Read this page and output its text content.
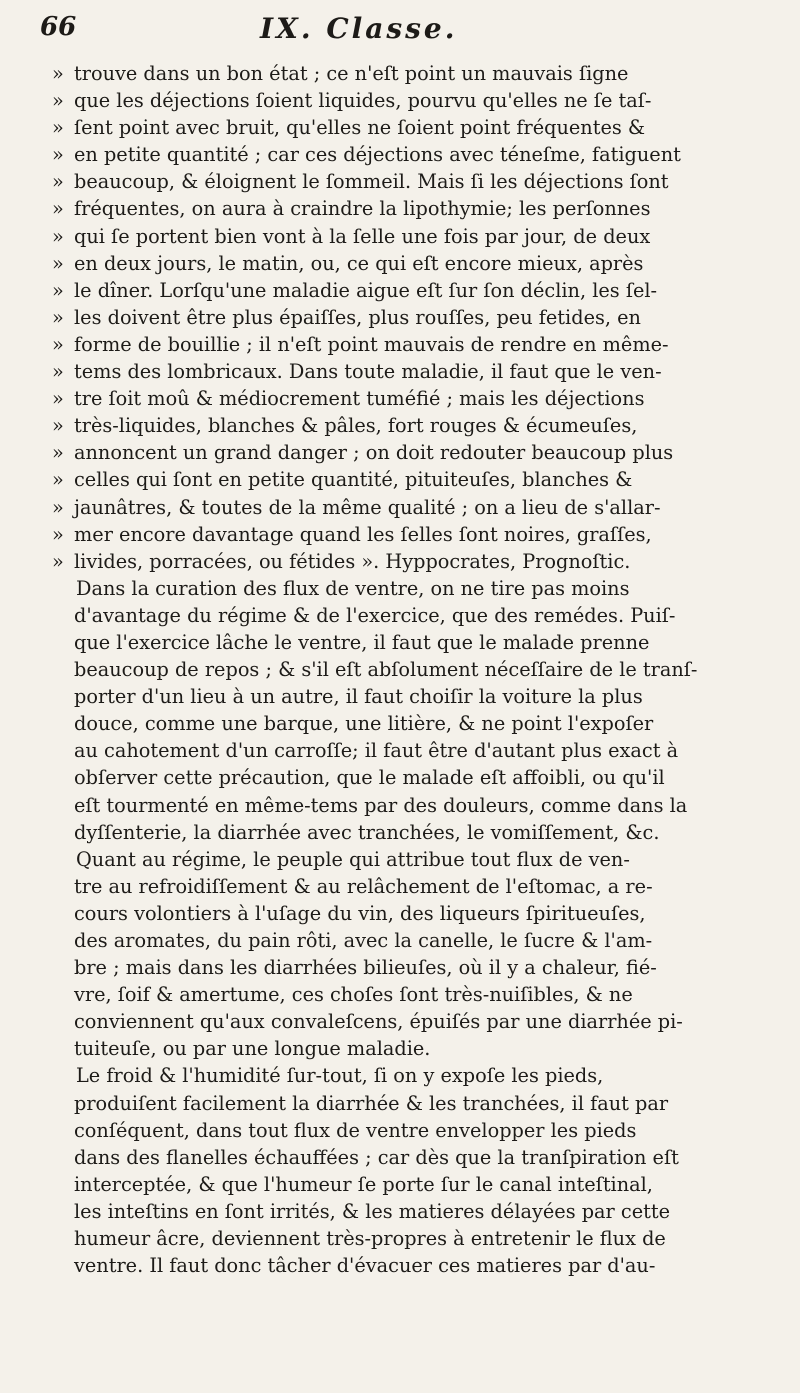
66	IX. Classe.
» trouve dans un bon état ; ce n'eſt point un mauvais ſigne
» que les déjections ſoient liquides, pourvu qu'elles ne ſe taſ-
» ſent point avec bruit, qu'elles ne ſoient point fréquentes &
» en petite quantité ; car ces déjections avec téneſme, fatiguent
» beaucoup, & éloignent le ſommeil. Mais ſi les déjections ſont
» fréquentes, on aura à craindre la lipothymie; les perſonnes
» qui ſe portent bien vont à la ſelle une fois par jour, de deux
» en deux jours, le matin, ou, ce qui eſt encore mieux, après
» le dîner. Lorſqu'une maladie aigue eſt ſur ſon déclin, les ſel-
» les doivent être plus épaiſſes, plus rouſſes, peu fetides, en
» forme de bouillie ; il n'eſt point mauvais de rendre en même-
» tems des lombricaux. Dans toute maladie, il faut que le ven-
» tre ſoit moû & médiocrement tuméfié ; mais les déjections
» très-liquides, blanches & pâles, fort rouges & écumeuſes,
» annoncent un grand danger ; on doit redouter beaucoup plus
» celles qui ſont en petite quantité, pituiteuſes, blanches &
» jaunâtres, & toutes de la même qualité ; on a lieu de s'allar-
» mer encore davantage quand les ſelles ſont noires, graſſes,
» livides, porracées, ou fétides ». Hyppocrates, Prognoſtic.
Dans la curation des flux de ventre, on ne tire pas moins
d'avantage du régime & de l'exercice, que des remédes. Puiſ-
que l'exercice lâche le ventre, il faut que le malade prenne
beaucoup de repos ; & s'il eſt abſolument néceſſaire de le tranſ-
porter d'un lieu à un autre, il faut choiſir la voiture la plus
douce, comme une barque, une litière, & ne point l'expoſer
au cahotement d'un carroſſe; il faut être d'autant plus exact à
obſerver cette précaution, que le malade eſt affoibli, ou qu'il
eſt tourmenté en même-tems par des douleurs, comme dans la
dyſſenterie, la diarrhée avec tranchées, le vomiſſement, &c.
Quant au régime, le peuple qui attribue tout flux de ven-
tre au refroidiſſement & au relâchement de l'eſtomac, a re-
cours volontiers à l'uſage du vin, des liqueurs ſpiritueuſes,
des aromates, du pain rôti, avec la canelle, le ſucre & l'am-
bre ; mais dans les diarrhées bilieuſes, où il y a chaleur, fié-
vre, ſoif & amertume, ces choſes ſont très-nuiſibles, & ne
conviennent qu'aux convaleſcens, épuiſés par une diarrhée pi-
tuiteuſe, ou par une longue maladie.
Le froid & l'humidité ſur-tout, ſi on y expoſe les pieds,
produiſent facilement la diarrhée & les tranchées, il faut par
conſéquent, dans tout flux de ventre envelopper les pieds
dans des flanelles échauffées ; car dès que la tranſpiration eſt
interceptée, & que l'humeur ſe porte ſur le canal inteſtinal,
les inteſtins en ſont irrités, & les matieres délayées par cette
humeur âcre, deviennent très-propres à entretenir le flux de
ventre. Il faut donc tâcher d'évacuer ces matieres par d'au-
